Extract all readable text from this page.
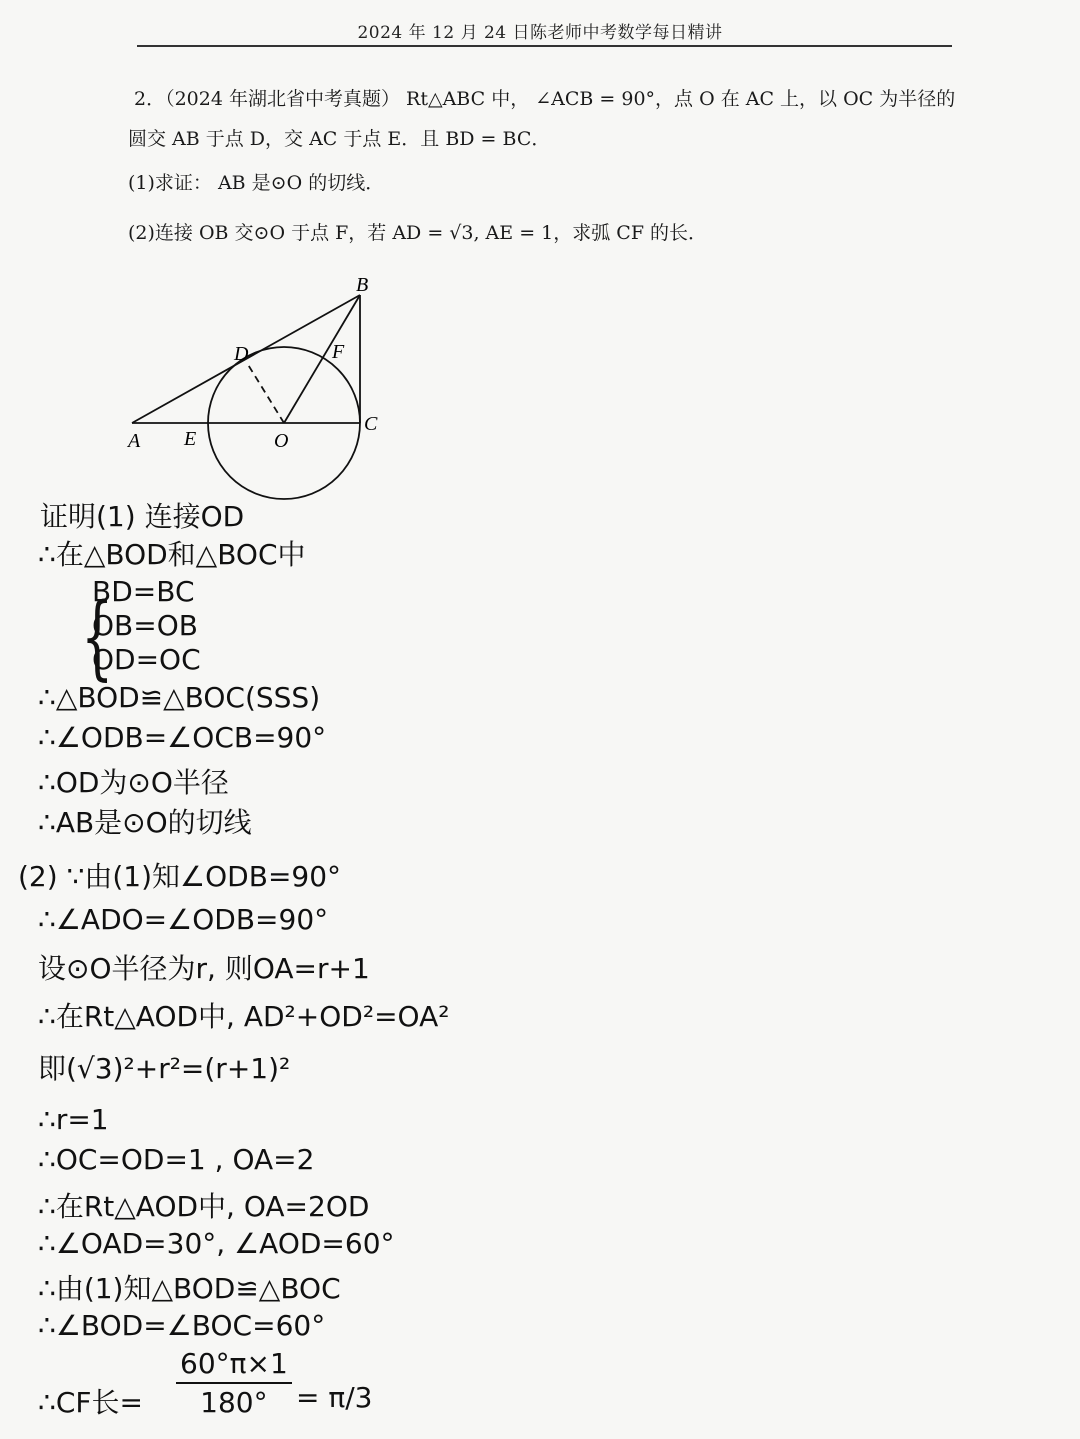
2024 年 12 月 24 日陈老师中考数学每日精讲

2．（2024 年湖北省中考真题） Rt△ABC 中， ∠ACB = 90°，点 O 在 AC 上，以 OC 为半径的

圆交 AB 于点 D，交 AC 于点 E．且 BD = BC．

(1)求证： AB 是⊙O 的切线．

(2)连接 OB 交⊙O 于点 F，若 AD = √3, AE = 1，求弧 CF 的长．

B
D	F
A E	O
C
证明(1) 连接OD
∴在△BOD和△BOC中
{
BD=BC
OB=OB
OD=OC
∴△BOD≌△BOC(SSS)
∴∠ODB=∠OCB=90°
∴OD为⊙O半径
∴AB是⊙O的切线
(2) ∵由(1)知∠ODB=90°
∴∠ADO=∠ODB=90°
设⊙O半径为r, 则OA=r+1
∴在Rt△AOD中, AD²+OD²=OA²
即(√3)²+r²=(r+1)²
∴r=1
∴OC=OD=1 , OA=2
∴在Rt△AOD中, OA=2OD
∴∠OAD=30°, ∠AOD=60°
∴由(1)知△BOD≌△BOC
∴∠BOD=∠BOC=60°
∴CF长=
60°π×1
180°	= π/3
